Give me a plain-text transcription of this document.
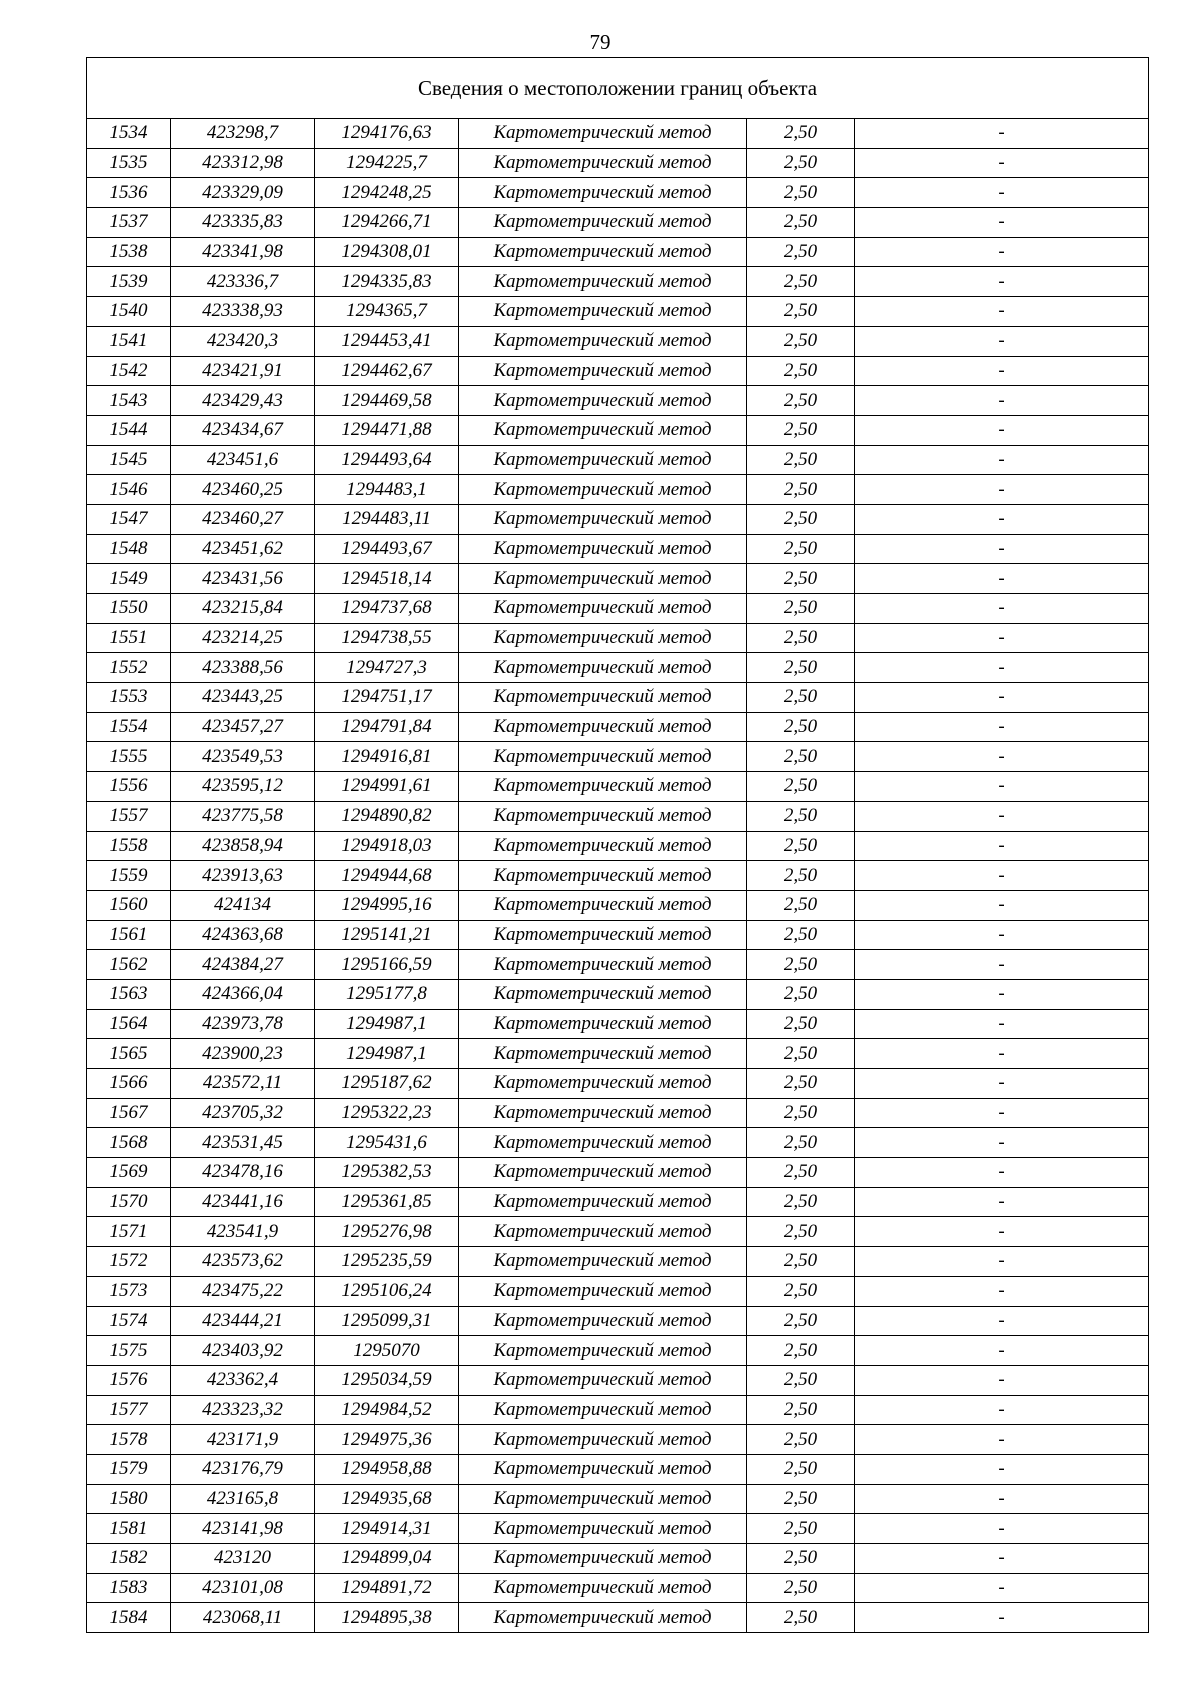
79
Сведения о местоположении границ объекта					
1534	423298,7	1294176,63	Картометрический метод	2,50	-
1535	423312,98	1294225,7	Картометрический метод	2,50	-
1536	423329,09	1294248,25	Картометрический метод	2,50	-
1537	423335,83	1294266,71	Картометрический метод	2,50	-
1538	423341,98	1294308,01	Картометрический метод	2,50	-
1539	423336,7	1294335,83	Картометрический метод	2,50	-
1540	423338,93	1294365,7	Картометрический метод	2,50	-
1541	423420,3	1294453,41	Картометрический метод	2,50	-
1542	423421,91	1294462,67	Картометрический метод	2,50	-
1543	423429,43	1294469,58	Картометрический метод	2,50	-
1544	423434,67	1294471,88	Картометрический метод	2,50	-
1545	423451,6	1294493,64	Картометрический метод	2,50	-
1546	423460,25	1294483,1	Картометрический метод	2,50	-
1547	423460,27	1294483,11	Картометрический метод	2,50	-
1548	423451,62	1294493,67	Картометрический метод	2,50	-
1549	423431,56	1294518,14	Картометрический метод	2,50	-
1550	423215,84	1294737,68	Картометрический метод	2,50	-
1551	423214,25	1294738,55	Картометрический метод	2,50	-
1552	423388,56	1294727,3	Картометрический метод	2,50	-
1553	423443,25	1294751,17	Картометрический метод	2,50	-
1554	423457,27	1294791,84	Картометрический метод	2,50	-
1555	423549,53	1294916,81	Картометрический метод	2,50	-
1556	423595,12	1294991,61	Картометрический метод	2,50	-
1557	423775,58	1294890,82	Картометрический метод	2,50	-
1558	423858,94	1294918,03	Картометрический метод	2,50	-
1559	423913,63	1294944,68	Картометрический метод	2,50	-
1560	424134	1294995,16	Картометрический метод	2,50	-
1561	424363,68	1295141,21	Картометрический метод	2,50	-
1562	424384,27	1295166,59	Картометрический метод	2,50	-
1563	424366,04	1295177,8	Картометрический метод	2,50	-
1564	423973,78	1294987,1	Картометрический метод	2,50	-
1565	423900,23	1294987,1	Картометрический метод	2,50	-
1566	423572,11	1295187,62	Картометрический метод	2,50	-
1567	423705,32	1295322,23	Картометрический метод	2,50	-
1568	423531,45	1295431,6	Картометрический метод	2,50	-
1569	423478,16	1295382,53	Картометрический метод	2,50	-
1570	423441,16	1295361,85	Картометрический метод	2,50	-
1571	423541,9	1295276,98	Картометрический метод	2,50	-
1572	423573,62	1295235,59	Картометрический метод	2,50	-
1573	423475,22	1295106,24	Картометрический метод	2,50	-
1574	423444,21	1295099,31	Картометрический метод	2,50	-
1575	423403,92	1295070	Картометрический метод	2,50	-
1576	423362,4	1295034,59	Картометрический метод	2,50	-
1577	423323,32	1294984,52	Картометрический метод	2,50	-
1578	423171,9	1294975,36	Картометрический метод	2,50	-
1579	423176,79	1294958,88	Картометрический метод	2,50	-
1580	423165,8	1294935,68	Картометрический метод	2,50	-
1581	423141,98	1294914,31	Картометрический метод	2,50	-
1582	423120	1294899,04	Картометрический метод	2,50	-
1583	423101,08	1294891,72	Картометрический метод	2,50	-
1584	423068,11	1294895,38	Картометрический метод	2,50	-
